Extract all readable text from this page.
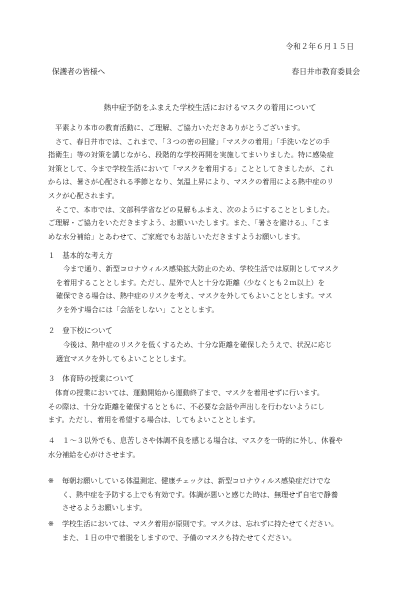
令和２年６月１５日
保護者の皆様へ	春日井市教育委員会
熱中症予防をふまえた学校生活におけるマスクの着用について

平素より本市の教育活動に、ご理解、ご協力いただきありがとうございます。

さて、春日井市では、これまで、「３つの密の回避」「マスクの着用」「手洗いなどの手

指衛生」等の対策を講じながら、段階的な学校再開を実施してまいりました。特に感染症

対策として、今まで学校生活において「マスクを着用する」こととしてきましたが、これ

からは、暑さが心配される季節となり、気温上昇により、マスクの着用による熱中症のリ

スクが心配されます。

そこで、本市では、文部科学省などの見解もふまえ、次のようにすることとしました。

ご理解・ご協力をいただきますよう、お願いいたします。また、「暑さを避ける」、「こま

めな水分補給」とあわせて、ご家庭でもお話しいただきますようお願いします。

１　基本的な考え方

今まで通り、新型コロナウィルス感染拡大防止のため、学校生活では原則としてマスク

を着用することとします。ただし、屋外で人と十分な距離（少なくとも２ｍ以上）を

確保できる場合は、熱中症のリスクを考え、マスクを外してもよいこととします。マス

クを外す場合には「会話をしない」こととします。

２　登下校について

今後は、熱中症のリスクを低くするため、十分な距離を確保したうえで、状況に応じ

適宜マスクを外してもよいこととします。

３　体育時の授業について

体育の授業においては、運動開始から運動終了まで、マスクを着用せずに行います。

その際は、十分な距離を確保するとともに、不必要な会話や声出しを行わないようにし

ます。ただし、着用を希望する場合は、してもよいこととします。

４　１～３以外でも、息苦しさや体調不良を感じる場合は、マスクを一時的に外し、休養や

水分補給を心がけさせます。

※ 毎朝お願いしている体温測定、健康チェックは、新型コロナウィルス感染症だけでな

く、熱中症を予防する上でも有効です。体調が悪いと感じた時は、無理せず自宅で静養

させるようお願いします。

※ 学校生活においては、マスク着用が原則です。マスクは、忘れずに持たせてください。

また、１日の中で着脱をしますので、予備のマスクも持たせてください。
